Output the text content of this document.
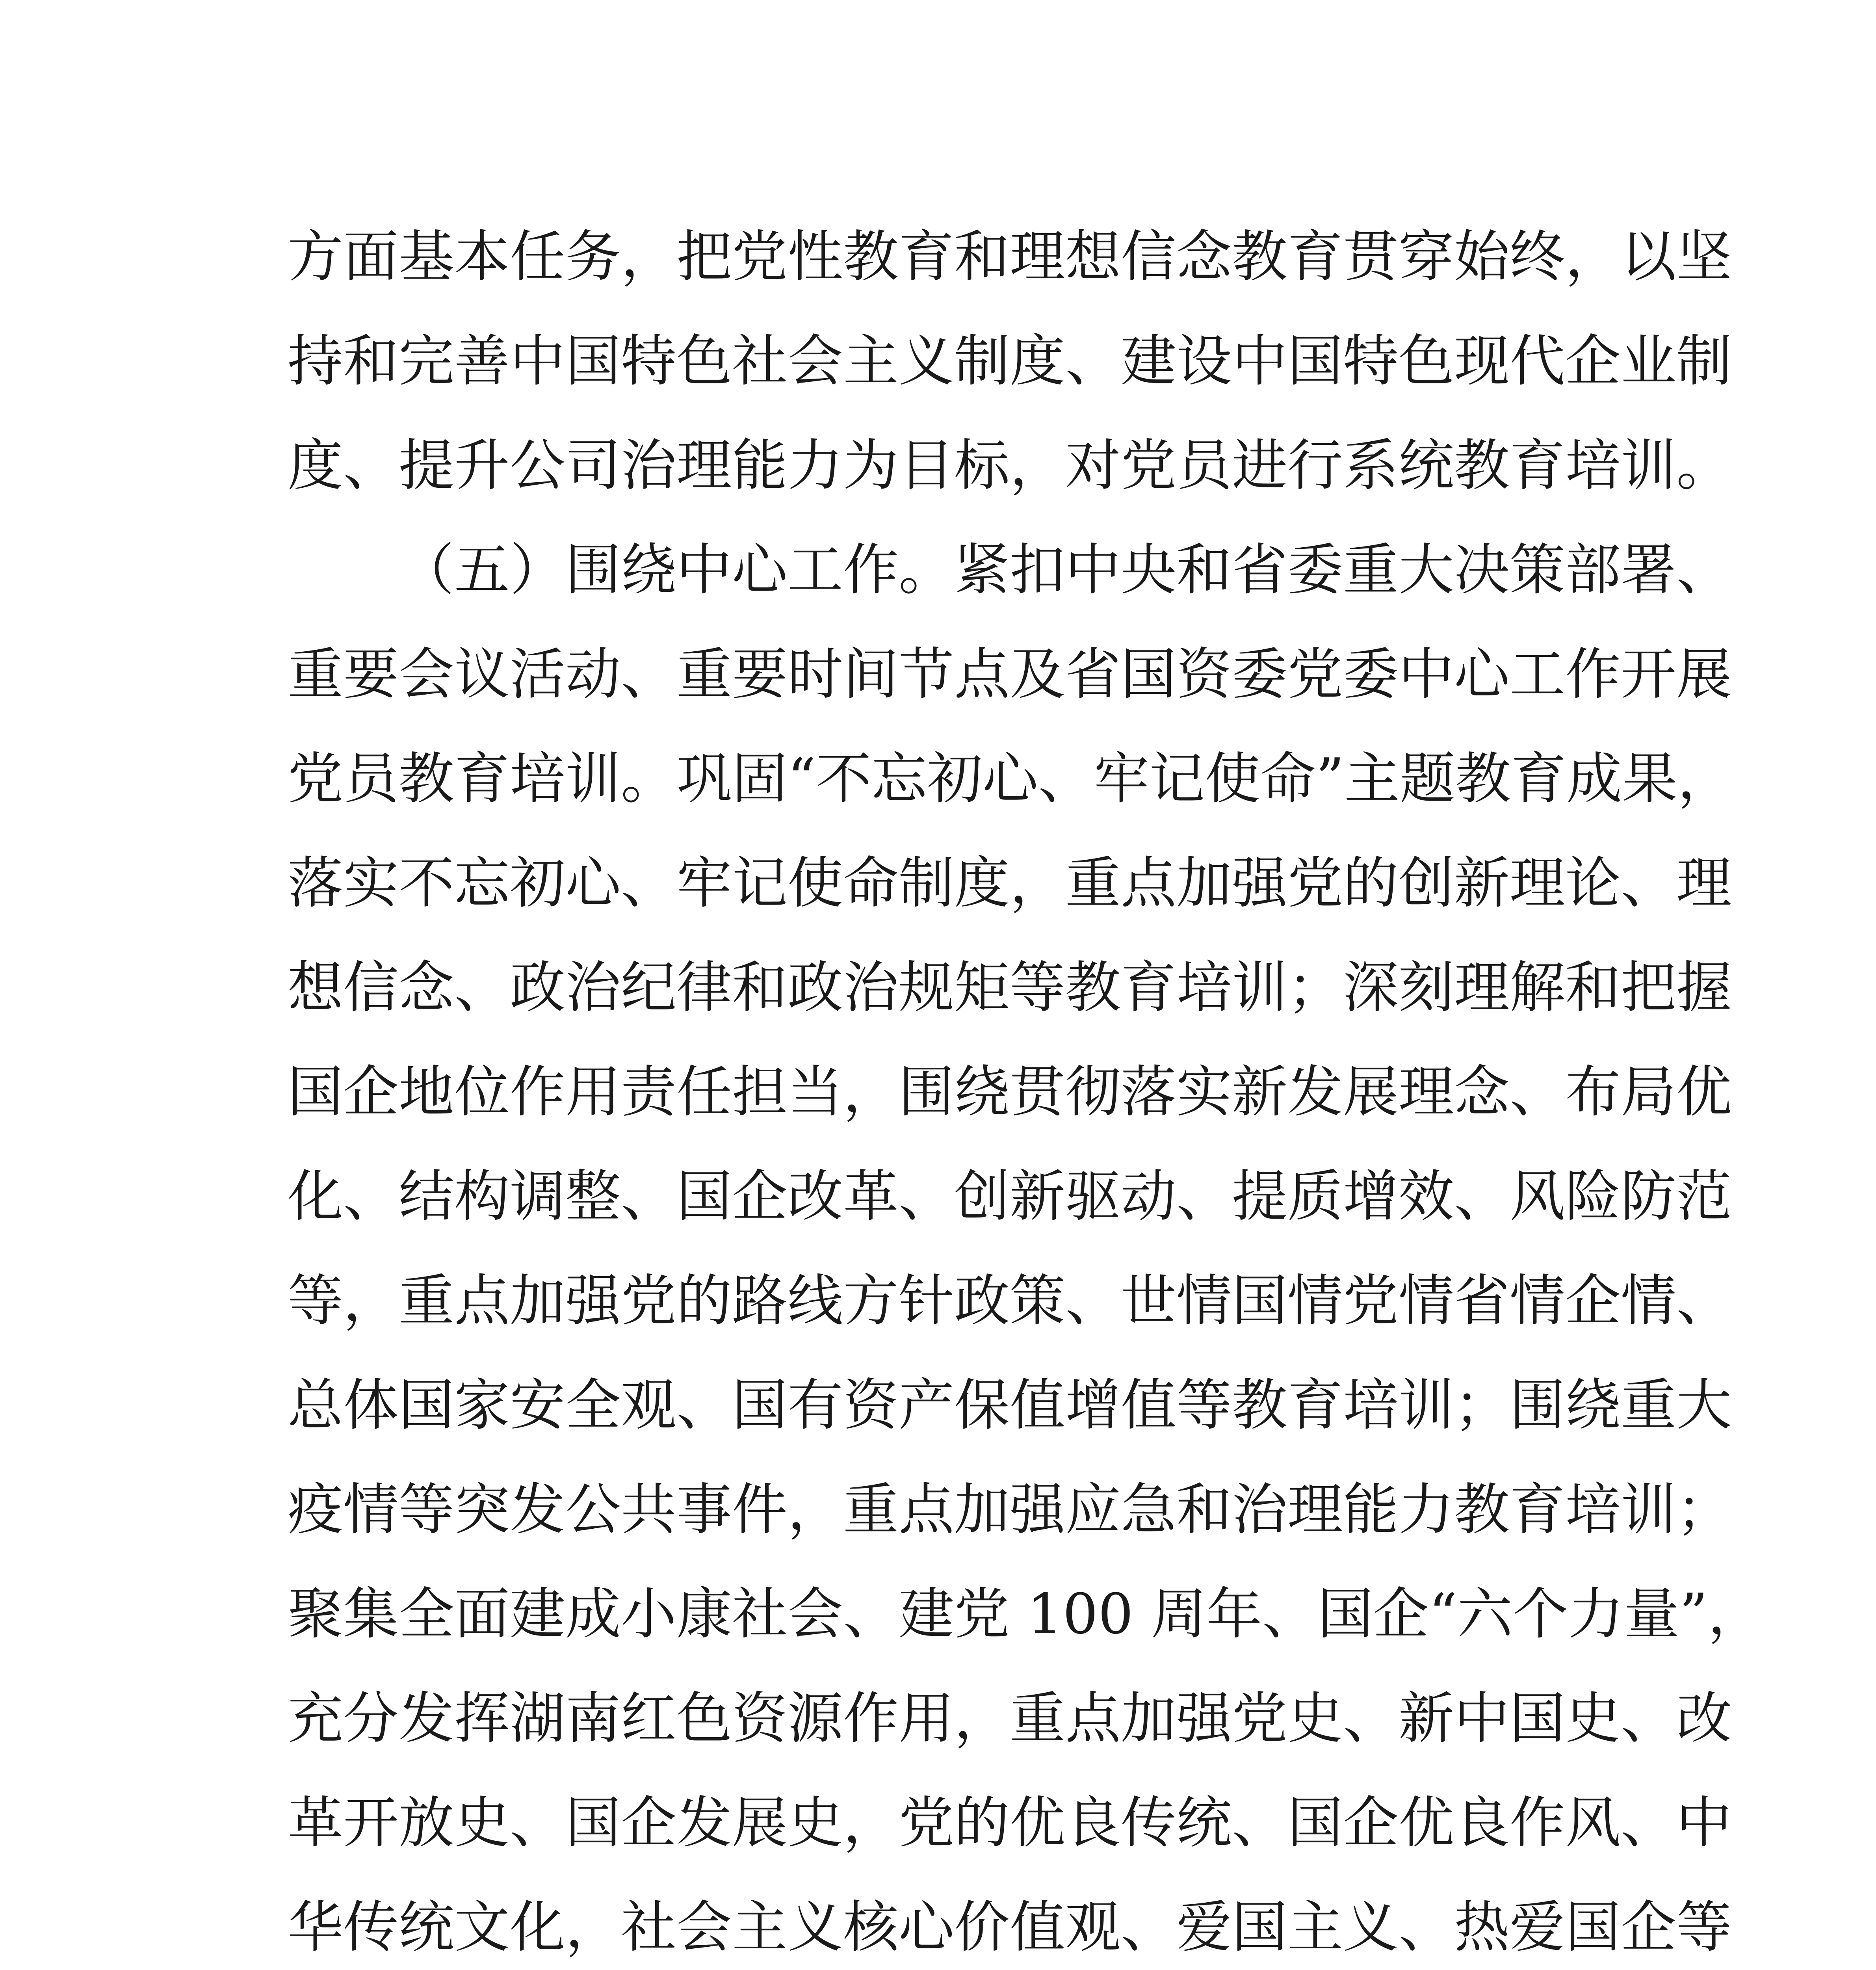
方面基本任务，把党性教育和理想信念教育贯穿始终，以坚
持和完善中国特色社会主义制度、建设中国特色现代企业制
度、提升公司治理能力为目标，对党员进行系统教育培训。
（五）围绕中心工作。紧扣中央和省委重大决策部署、
重要会议活动、重要时间节点及省国资委党委中心工作开展
党员教育培训。巩固“不忘初心、牢记使命”主题教育成果，
落实不忘初心、牢记使命制度，重点加强党的创新理论、理
想信念、政治纪律和政治规矩等教育培训；深刻理解和把握
国企地位作用责任担当，围绕贯彻落实新发展理念、布局优
化、结构调整、国企改革、创新驱动、提质增效、风险防范
等，重点加强党的路线方针政策、世情国情党情省情企情、
总体国家安全观、国有资产保值增值等教育培训；围绕重大
疫情等突发公共事件，重点加强应急和治理能力教育培训；
聚集全面建成小康社会、建党 100 周年、国企“六个力量”，
充分发挥湖南红色资源作用，重点加强党史、新中国史、改
革开放史、国企发展史，党的优良传统、国企优良作风、中
华传统文化，社会主义核心价值观、爱国主义、热爱国企等
